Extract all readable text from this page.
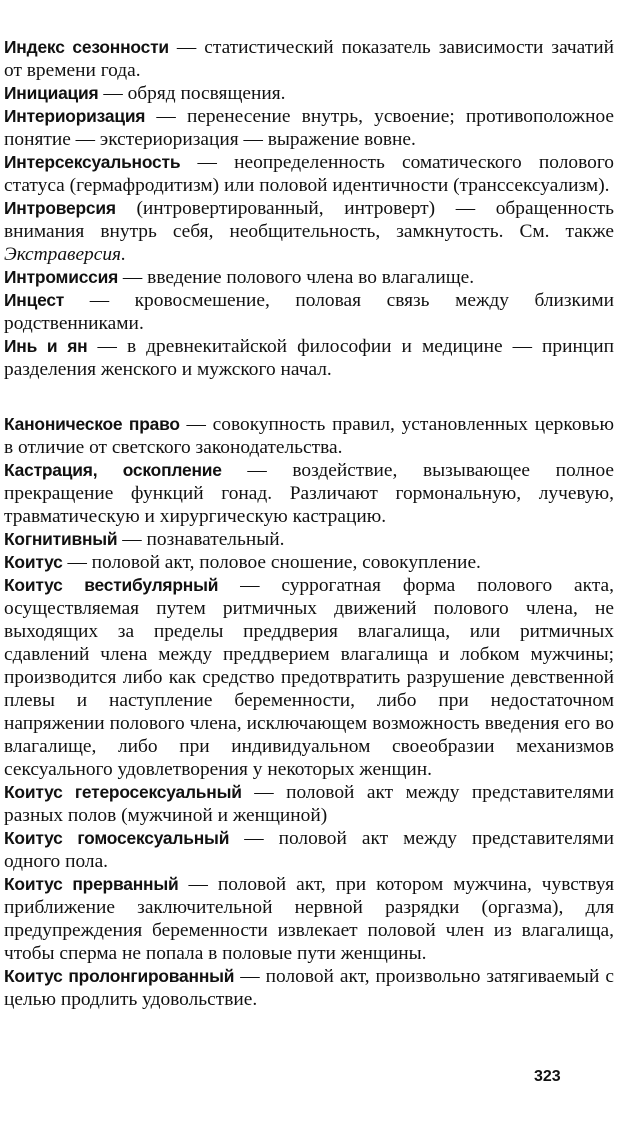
Индекс сезонности — статистический показатель зависимости зачатий от времени года.

Инициация — обряд посвящения.

Интериоризация — перенесение внутрь, усвоение; противоположное понятие — экстериоризация — выражение вовне.

Интерсексуальность — неопределенность соматического полового статуса (гермафродитизм) или половой идентичности (транссексуализм).

Интроверсия (интровертированный, интроверт) — обращенность внимания внутрь себя, необщительность, замкнутость. См. также Экстраверсия.

Интромиссия — введение полового члена во влагалище.

Инцест — кровосмешение, половая связь между близкими родственниками.

Инь и ян — в древнекитайской философии и медицине — принцип разделения женского и мужского начал.

Каноническое право — совокупность правил, установленных церковью в отличие от светского законодательства.

Кастрация, оскопление — воздействие, вызывающее полное прекращение функций гонад. Различают гормональную, лучевую, травматическую и хирургическую кастрацию.

Когнитивный — познавательный.

Коитус — половой акт, половое сношение, совокупление.

Коитус вестибулярный — суррогатная форма полового акта, осуществляемая путем ритмичных движений полового члена, не выходящих за пределы преддверия влагалища, или ритмичных сдавлений члена между преддверием влагалища и лобком мужчины; производится либо как средство предотвратить разрушение девственной плевы и наступление беременности, либо при недостаточном напряжении полового члена, исключающем возможность введения его во влагалище, либо при индивидуальном своеобразии механизмов сексуального удовлетворения у некоторых женщин.

Коитус гетеросексуальный — половой акт между представителями разных полов (мужчиной и женщиной)

Коитус гомосексуальный — половой акт между представителями одного пола.

Коитус прерванный — половой акт, при котором мужчина, чувствуя приближение заключительной нервной разрядки (оргазма), для предупреждения беременности извлекает половой член из влагалища, чтобы сперма не попала в половые пути женщины.

Коитус пролонгированный — половой акт, произвольно затягиваемый с целью продлить удовольствие.

323
